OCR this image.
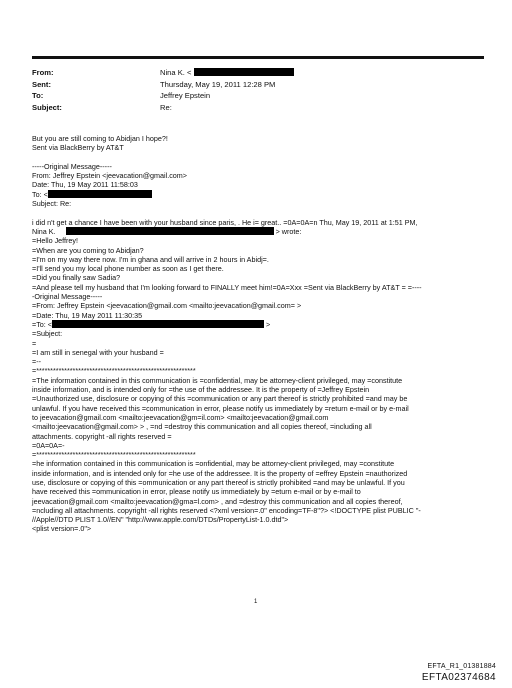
From:	Nina K. <
Sent:	Thursday, May 19, 2011 12:28 PM
To:	Jeffrey Epstein
Subject:	Re:
But you are still coming to Abidjan I hope?!
Sent via BlackBerry by AT&T
-----Original Message-----
From: Jeffrey Epstein <jeevacation@gmail.com>
Date: Thu, 19 May 2011 11:58:03
To: <
Subject: Re:
i did n't get a chance I have been with your husband since paris, . He i= great.. =0A=0A=n Thu, May 19, 2011 at 1:51 PM,
Nina K.	> wrote:
=Hello Jeffrey!
=When are you coming to Abidjan?
=I'm on my way there now. I'm in ghana and will arrive in 2 hours in Abidj=.
=I'll send you my local phone number as soon as I get there.
=Did you finally saw Sadia?
=And please tell my husband that I'm looking forward to FINALLY meet him!=0A=Xxx =Sent via BlackBerry by AT&T = =----
-Original Message-----
=From: Jeffrey Epstein <jeevacation@gmail.com <mailto:jeevacation@gmail.com= >
=Date: Thu, 19 May 2011 11:30:35
=To: <	>
=Subject:
=
=I am still in senegal with your husband =
=--
=*********************************************************
=The information contained in this communication is =confidential, may be attorney-client privileged, may =constitute
inside information, and is intended only for =the use of the addressee. It is the property of =Jeffrey Epstein
=Unauthorized use, disclosure or copying of this =communication or any part thereof is strictly prohibited =and may be
unlawful. If you have received this =communication in error, please notify us immediately by =return e-mail or by e-mail
to jeevacation@gmail.com <mailto:jeevacation@gm=il.com> <mailto:jeevacation@gmail.com
<mailto:jeevacation@gmail.com> > , =nd =destroy this communication and all copies thereof, =including all
attachments. copyright -all rights reserved =
=0A=0A=-
=*********************************************************
=he information contained in this communication is =onfidential, may be attorney-client privileged, may =constitute
inside information, and is intended only for =he use of the addressee. It is the property of =effrey Epstein =nauthorized
use, disclosure or copying of this =ommunication or any part thereof is strictly prohibited =and may be unlawful. If you
have received this =ommunication in error, please notify us immediately by =eturn e-mail or by e-mail to
jeevacation@gmail.com <mailto:jeevacation@gma=l.com> , and =destroy this communication and all copies thereof,
=ncluding all attachments. copyright -all rights reserved <?xml version=.0" encoding=TF-8"?> <!DOCTYPE plist PUBLIC "-
//Apple//DTD PLIST 1.0//EN" "http://www.apple.com/DTDs/PropertyList-1.0.dtd">
<plist version=.0">
1
EFTA_R1_01381884
EFTA02374684
